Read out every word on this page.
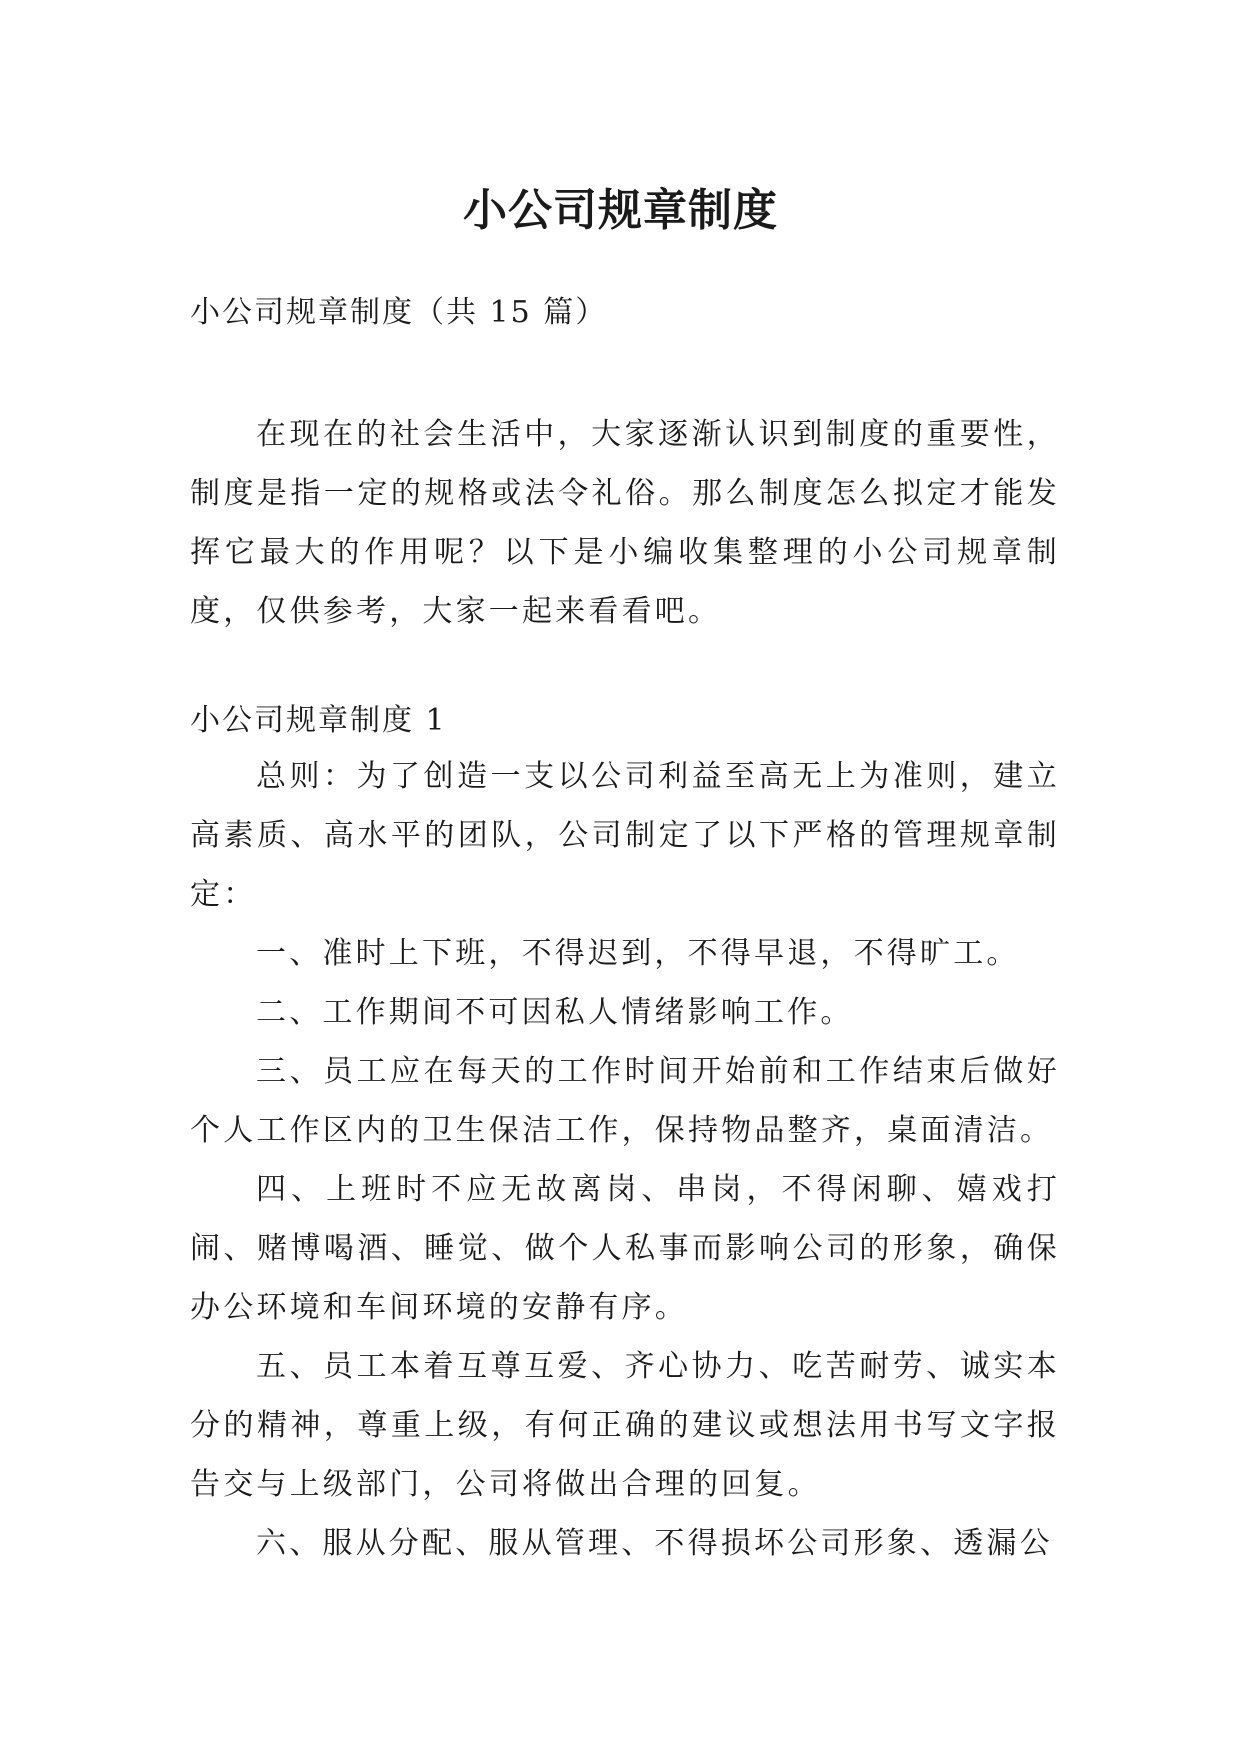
小公司规章制度
小公司规章制度（共 15 篇）

在现在的社会生活中，大家逐渐认识到制度的重要性，制度是指一定的规格或法令礼俗。那么制度怎么拟定才能发挥它最大的作用呢？以下是小编收集整理的小公司规章制度，仅供参考，大家一起来看看吧。

小公司规章制度 1

总则：为了创造一支以公司利益至高无上为准则，建立高素质、高水平的团队，公司制定了以下严格的管理规章制定：

一、准时上下班，不得迟到，不得早退，不得旷工。

二、工作期间不可因私人情绪影响工作。

三、员工应在每天的工作时间开始前和工作结束后做好个人工作区内的卫生保洁工作，保持物品整齐，桌面清洁。

四、上班时不应无故离岗、串岗，不得闲聊、嬉戏打闹、赌博喝酒、睡觉、做个人私事而影响公司的形象，确保办公环境和车间环境的安静有序。

五、员工本着互尊互爱、齐心协力、吃苦耐劳、诚实本分的精神，尊重上级，有何正确的建议或想法用书写文字报告交与上级部门，公司将做出合理的回复。

六、服从分配、服从管理、不得损坏公司形象、透漏公
